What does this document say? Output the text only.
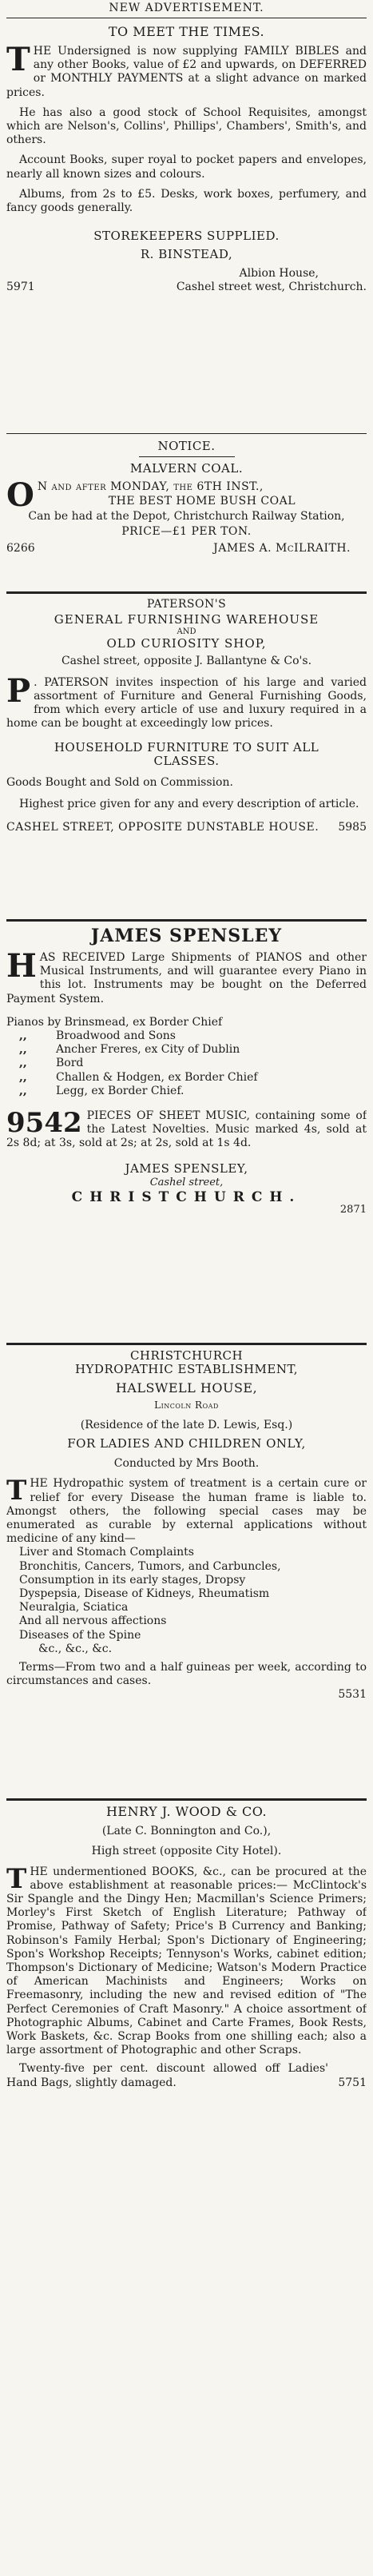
NEW ADVERTISEMENT.

TO MEET THE TIMES.

THE Undersigned is now supplying FAMILY BIBLES and any other Books, value of £2 and upwards, on DEFERRED or MONTHLY PAYMENTS at a slight advance on marked prices.

He has also a good stock of School Requisites, amongst which are Nelson's, Collins', Phillips', Chambers', Smith's, and others.

Account Books, super royal to pocket papers and envelopes, nearly all known sizes and colours.

Albums, from 2s to £5. Desks, work boxes, perfumery, and fancy goods generally.

STOREKEEPERS SUPPLIED.

R. BINSTEAD,

Albion House,

5971	Cashel street west, Christchurch.

NOTICE.

MALVERN COAL.

O N and after MONDAY, the 6TH INST.,

THE BEST HOME BUSH COAL

Can be had at the Depot, Christchurch Railway Station,

PRICE—£1 PER TON.

6266	JAMES A. McILRAITH.

PATERSON'S

GENERAL FURNISHING WAREHOUSE

AND

OLD CURIOSITY SHOP,

Cashel street, opposite J. Ballantyne & Co's.

P . PATERSON invites inspection of his large and varied assortment of Furniture and General Furnishing Goods, from which every article of use and luxury required in a home can be bought at exceedingly low prices.

HOUSEHOLD FURNITURE TO SUIT ALL CLASSES.

Goods Bought and Sold on Commission.

Highest price given for any and every description of article.

CASHEL STREET, OPPOSITE DUNSTABLE HOUSE.	5985

JAMES SPENSLEY

HAS RECEIVED Large Shipments of PIANOS and other Musical Instruments, and will guarantee every Piano in this lot. Instruments may be bought on the Deferred Payment System.

Pianos by Brinsmead, ex Border Chief

,,	Broadwood and Sons

,,	Ancher Freres, ex City of Dublin

,,	Bord

,,	Challen & Hodgen, ex Border Chief

,,	Legg, ex Border Chief.

9542 PIECES OF SHEET MUSIC, containing some of the Latest Novelties. Music marked 4s, sold at 2s 8d; at 3s, sold at 2s; at 2s, sold at 1s 4d.

JAMES SPENSLEY,

Cashel street,

CHRISTCHURCH.

2871

CHRISTCHURCH

HYDROPATHIC ESTABLISHMENT,

HALSWELL HOUSE,

Lincoln Road

(Residence of the late D. Lewis, Esq.)

FOR LADIES AND CHILDREN ONLY,

Conducted by Mrs Booth.

THE Hydropathic system of treatment is a certain cure or relief for every Disease the human frame is liable to. Amongst others, the following special cases may be enumerated as curable by external applications without medicine of any kind—

Liver and Stomach Complaints

Bronchitis, Cancers, Tumors, and Carbuncles,

Consumption in its early stages, Dropsy

Dyspepsia, Disease of Kidneys, Rheumatism

Neuralgia, Sciatica

And all nervous affections

Diseases of the Spine

&c., &c., &c.

Terms—From two and a half guineas per week, according to circumstances and cases.

5531

HENRY J. WOOD & CO.

(Late C. Bonnington and Co.),

High street (opposite City Hotel).

THE undermentioned BOOKS, &c., can be procured at the above establishment at reasonable prices:— McClintock's Sir Spangle and the Dingy Hen; Macmillan's Science Primers; Morley's First Sketch of English Literature; Pathway of Promise, Pathway of Safety; Price's B Currency and Banking; Robinson's Family Herbal; Spon's Dictionary of Engineering; Spon's Workshop Receipts; Tennyson's Works, cabinet edition; Thompson's Dictionary of Medicine; Watson's Modern Practice of American Machinists and Engineers; Works on Freemasonry, including the new and revised edition of "The Perfect Ceremonies of Craft Masonry." A choice assortment of Photographic Albums, Cabinet and Carte Frames, Book Rests, Work Baskets, &c. Scrap Books from one shilling each; also a large assortment of Photographic and other Scraps.

Twenty-five per cent. discount allowed off Ladies' Hand Bags, slightly damaged.	5751
